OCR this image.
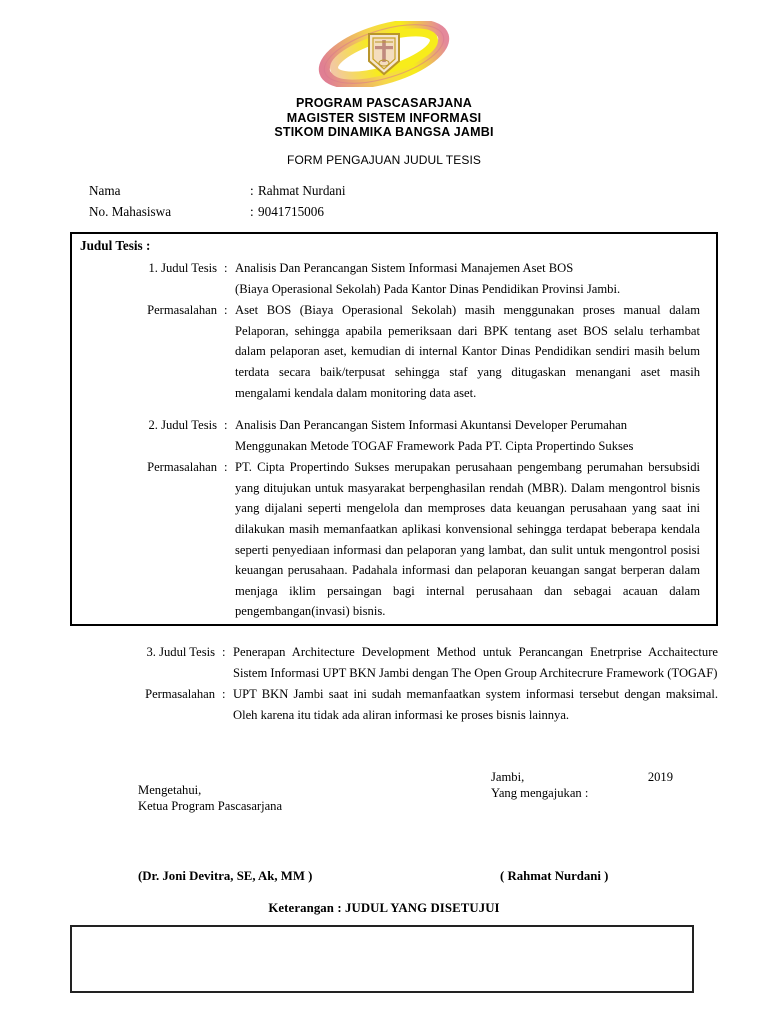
PROGRAM PASCASARJANA
MAGISTER SISTEM INFORMASI
STIKOM DINAMIKA BANGSA JAMBI
FORM PENGAJUAN JUDUL TESIS
Nama	: Rahmat Nurdani
No. Mahasiswa	: 9041715006
Judul Tesis :
1. Judul Tesis : Analisis Dan Perancangan Sistem Informasi Manajemen Aset BOS

(Biaya Operasional Sekolah) Pada Kantor Dinas Pendidikan Provinsi Jambi.

Permasalahan : Aset BOS (Biaya Operasional Sekolah) masih menggunakan proses manual dalam Pelaporan, sehingga apabila pemeriksaan dari BPK tentang aset BOS selalu terhambat dalam pelaporan aset, kemudian di internal Kantor Dinas Pendidikan sendiri masih belum terdata secara baik/terpusat sehingga staf yang ditugaskan menangani aset masih mengalami kendala dalam monitoring data aset.

2. Judul Tesis : Analisis Dan Perancangan Sistem Informasi Akuntansi Developer Perumahan

Menggunakan Metode TOGAF Framework Pada PT. Cipta Propertindo Sukses

Permasalahan : PT. Cipta Propertindo Sukses merupakan perusahaan pengembang perumahan bersubsidi yang ditujukan untuk masyarakat berpenghasilan rendah (MBR). Dalam mengontrol bisnis yang dijalani seperti mengelola dan memproses data keuangan perusahaan yang saat ini dilakukan masih memanfaatkan aplikasi konvensional sehingga terdapat beberapa kendala seperti penyediaan informasi dan pelaporan yang lambat, dan sulit untuk mengontrol posisi keuangan perusahaan. Padahala informasi dan pelaporan keuangan sangat berperan dalam menjaga iklim persaingan bagi internal perusahaan dan sebagai acauan dalam pengembangan(invasi) bisnis.

3. Judul Tesis : Penerapan Architecture Development Method untuk Perancangan Enetrprise Acchaitecture Sistem Informasi UPT BKN Jambi dengan The Open Group Architecrure Framework (TOGAF)

Permasalahan : UPT BKN Jambi saat ini sudah memanfaatkan system informasi tersebut dengan maksimal. Oleh karena itu tidak ada aliran informasi ke proses bisnis lainnya.

Mengetahui,
Ketua Program Pascasarjana
Jambi,	2019
Yang mengajukan :
(Dr. Joni Devitra, SE, Ak, MM )	( Rahmat Nurdani )
Keterangan : JUDUL YANG DISETUJUI
